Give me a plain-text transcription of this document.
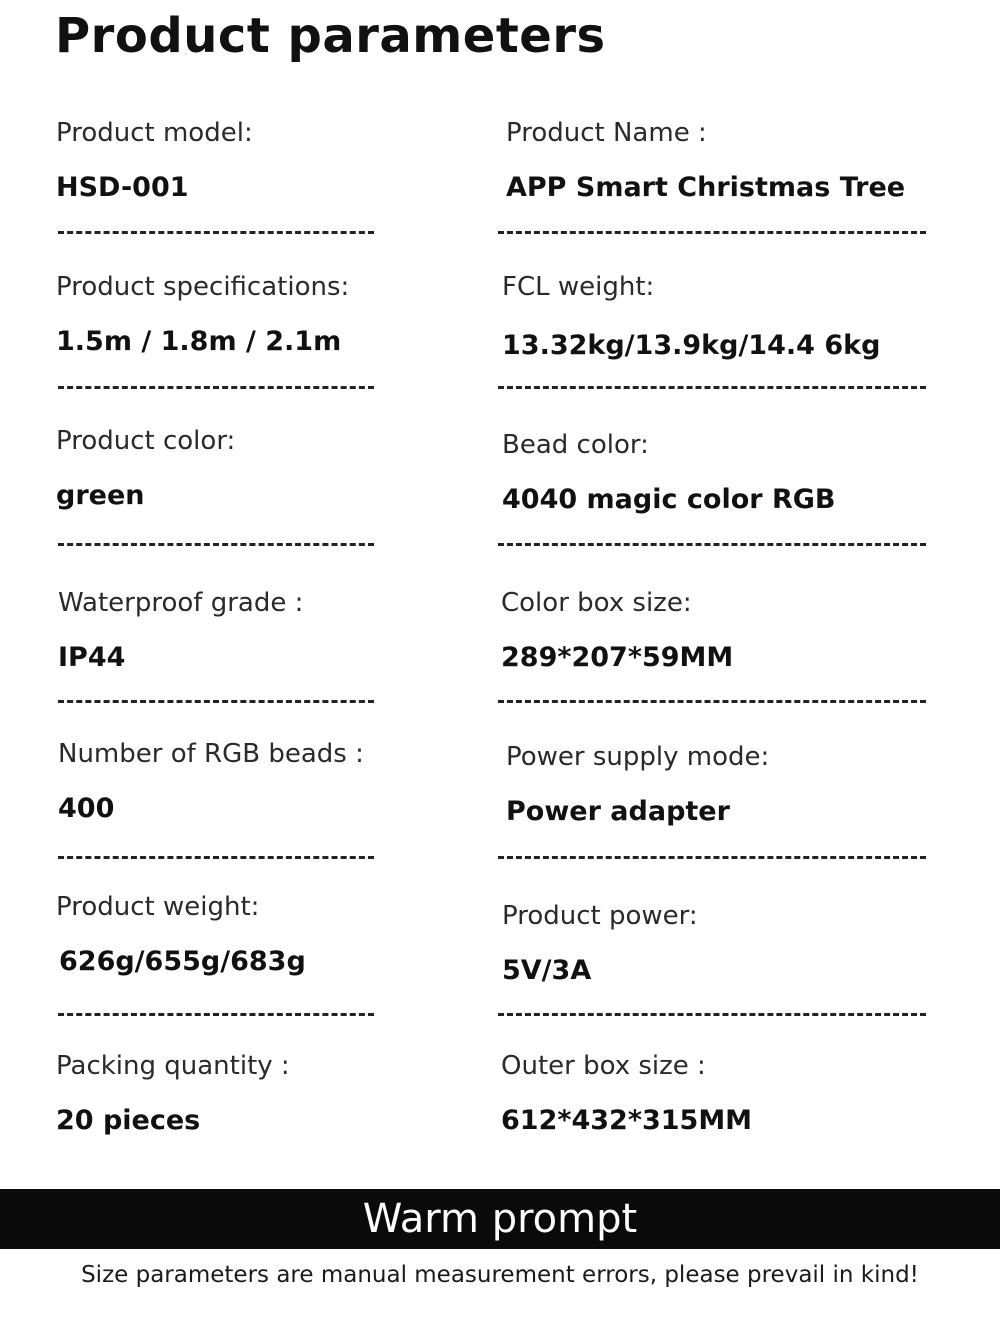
Product parameters
Product model:
HSD-001
Product Name :
APP Smart Christmas Tree
Product specifications:
1.5m / 1.8m / 2.1m
FCL weight:
13.32kg/13.9kg/14.4 6kg
Product color:
green
Bead color:
4040 magic color RGB
Waterproof grade :
IP44
Color box size:
289*207*59MM
Number of RGB beads :
400
Power supply mode:
Power adapter
Product weight:
626g/655g/683g
Product power:
5V/3A
Packing quantity :
20 pieces
Outer box size :
612*432*315MM
Warm prompt
Size parameters are manual measurement errors, please prevail in kind!
